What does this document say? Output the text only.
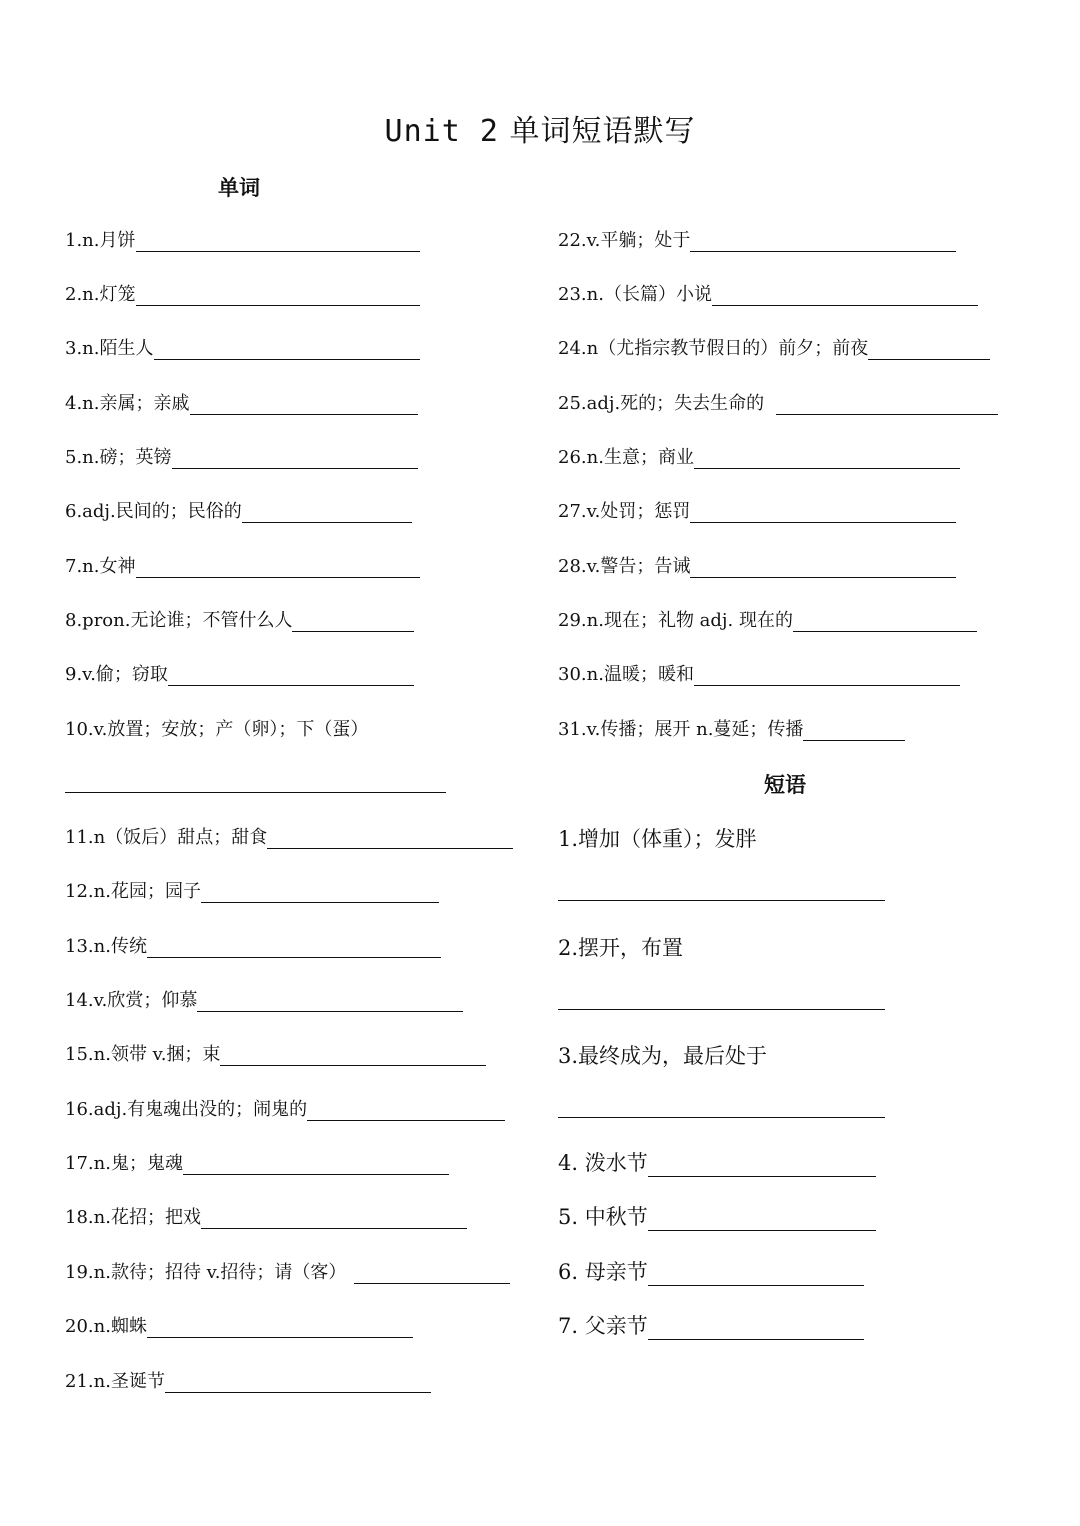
Unit 2 单词短语默写
单词
短语
1.n.月饼
2.n.灯笼
3.n.陌生人
4.n.亲属；亲戚
5.n.磅；英镑
6.adj.民间的；民俗的
7.n.女神
8.pron.无论谁；不管什么人
9.v.偷；窃取
10.v.放置；安放；产（卵）；下（蛋）
11.n（饭后）甜点；甜食
12.n.花园；园子
13.n.传统
14.v.欣赏；仰慕
15.n.领带 v.捆；束
16.adj.有鬼魂出没的；闹鬼的
17.n.鬼；鬼魂
18.n.花招；把戏
19.n.款待；招待 v.招待；请（客）
20.n.蜘蛛
21.n.圣诞节
22.v.平躺；处于
23.n.（长篇）小说
24.n（尤指宗教节假日的）前夕；前夜
25.adj.死的；失去生命的
26.n.生意；商业
27.v.处罚；惩罚
28.v.警告；告诫
29.n.现在；礼物 adj. 现在的
30.n.温暖；暖和
31.v.传播；展开 n.蔓延；传播
1.增加（体重）；发胖
2.摆开，布置
3.最终成为，最后处于
4. 泼水节
5. 中秋节
6. 母亲节
7. 父亲节
